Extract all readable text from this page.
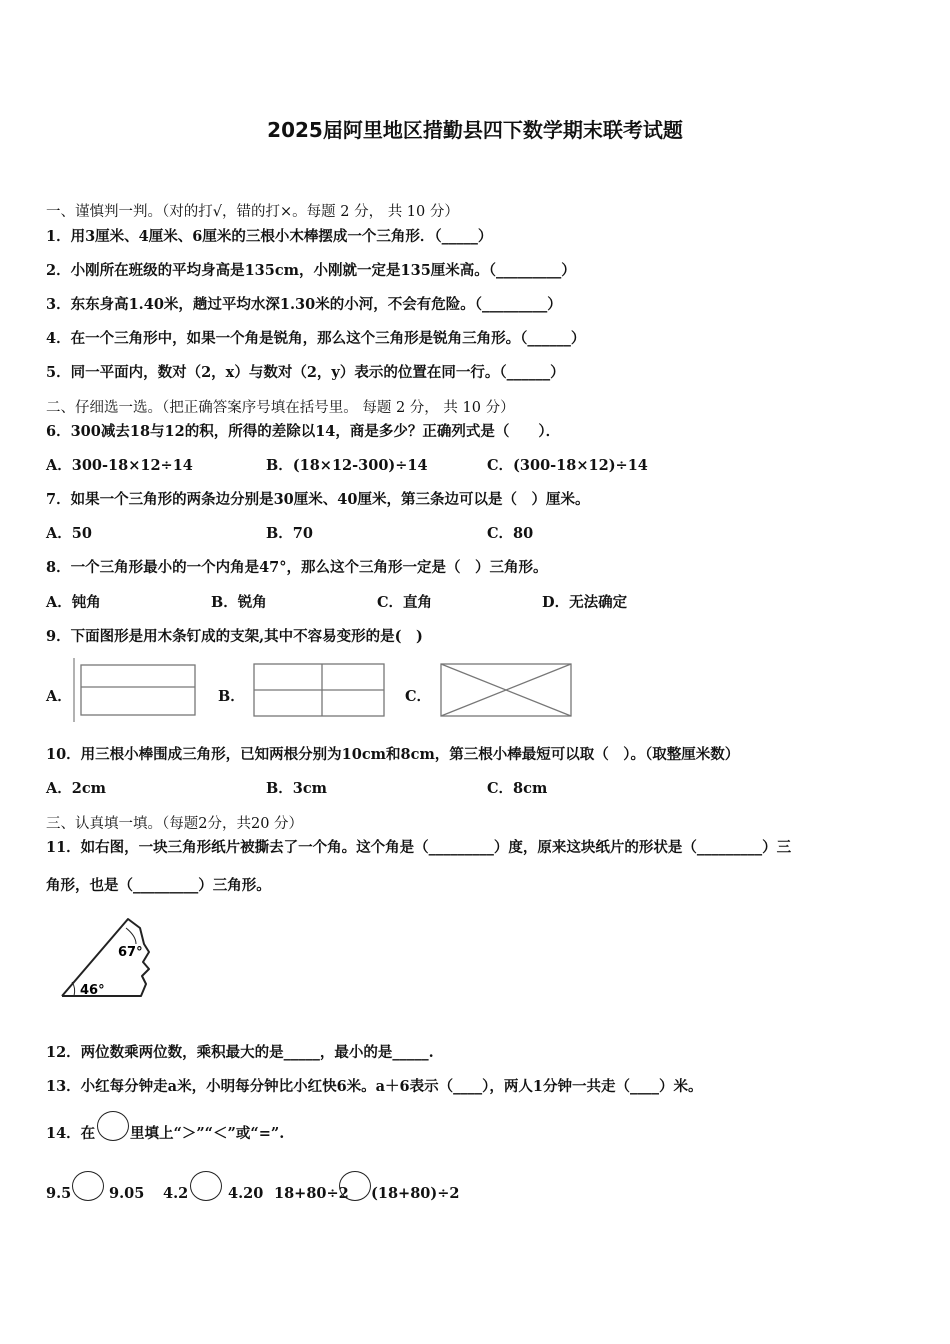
2025届阿里地区措勤县四下数学期末联考试题
一、谨慎判一判。（对的打√，错的打×。每题 2 分， 共 10 分）
1．用3厘米、4厘米、6厘米的三根小木棒摆成一个三角形．（_____）
2．小刚所在班级的平均身高是135cm，小刚就一定是135厘米高。（_________）
3．东东身高1.40米，趟过平均水深1.30米的小河，不会有危险。（_________）
4．在一个三角形中，如果一个角是锐角，那么这个三角形是锐角三角形。（______）
5．同一平面内，数对（2，x）与数对（2，y）表示的位置在同一行。（______）
二、仔细选一选。（把正确答案序号填在括号里。 每题 2 分， 共 10 分）
6．300减去18与12的积，所得的差除以14，商是多少？正确列式是（　　）．
A．300-18×12÷14	B．(18×12-300)÷14	C．(300-18×12)÷14
7．如果一个三角形的两条边分别是30厘米、40厘米，第三条边可以是（　）厘米。
A．50	B．70	C．80
8．一个三角形最小的一个内角是47°，那么这个三角形一定是（　）三角形。
A．钝角	B．锐角	C．直角	D．无法确定
9．下面图形是用木条钉成的支架,其中不容易变形的是(　)
A．	B．	C．
10．用三根小棒围成三角形，已知两根分别为10cm和8cm，第三根小棒最短可以取（　）。（取整厘米数）
A．2cm	B．3cm	C．8cm
三、认真填一填。（每题2分，共20 分）
11．如右图，一块三角形纸片被撕去了一个角。这个角是（_________）度，原来这块纸片的形状是（_________）三
角形，也是（_________）三角形。
67°
46°
12．两位数乘两位数，乘积最大的是_____，最小的是_____.
13．小红每分钟走a米，小明每分钟比小红快6米。a＋6表示（____），两人1分钟一共走（____）米。
14．在 里填上“＞”“＜”或“=”.
9.5	9.05 4.2	4.20 18+80÷2 (18+80)÷2
